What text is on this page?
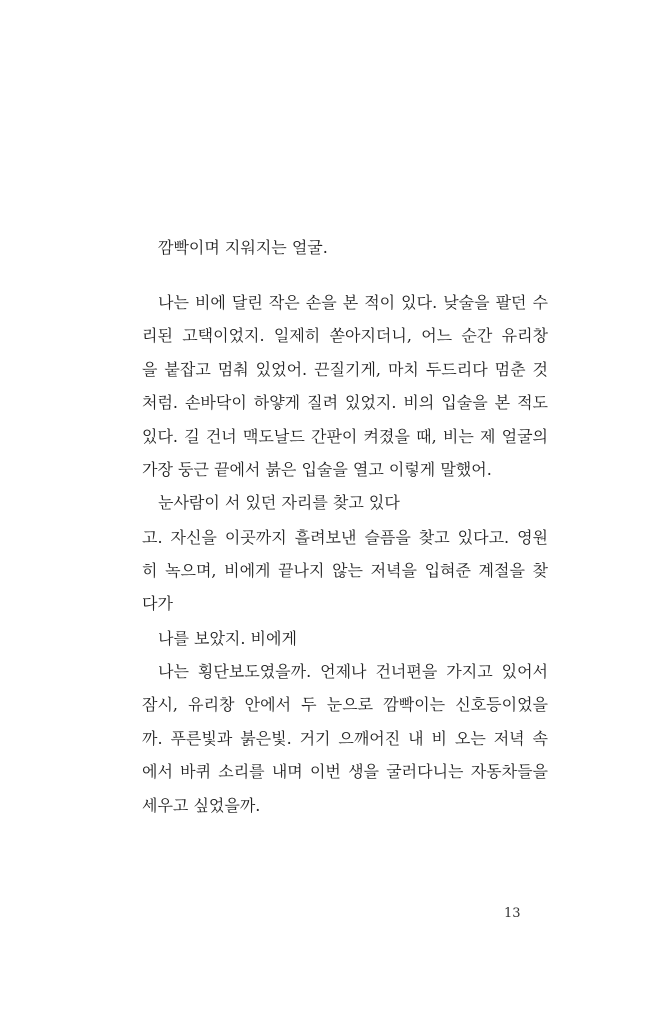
깜빡이며 지워지는 얼굴.
나는 비에 달린 작은 손을 본 적이 있다. 낮술을 팔던 수
리된 고택이었지. 일제히 쏟아지더니, 어느 순간 유리창
을 붙잡고 멈춰 있었어. 끈질기게, 마치 두드리다 멈춘 것
처럼. 손바닥이 하얗게 질려 있었지. 비의 입술을 본 적도
있다. 길 건너 맥도날드 간판이 켜졌을 때, 비는 제 얼굴의
가장 둥근 끝에서 붉은 입술을 열고 이렇게 말했어.
눈사람이 서 있던 자리를 찾고 있다
고. 자신을 이곳까지 흘려보낸 슬픔을 찾고 있다고. 영원
히 녹으며, 비에게 끝나지 않는 저녁을 입혀준 계절을 찾
다가
나를 보았지. 비에게
나는 횡단보도였을까. 언제나 건너편을 가지고 있어서
잠시, 유리창 안에서 두 눈으로 깜빡이는 신호등이었을
까. 푸른빛과 붉은빛. 거기 으깨어진 내 비 오는 저녁 속
에서 바퀴 소리를 내며 이번 생을 굴러다니는 자동차들을
세우고 싶었을까.
13
